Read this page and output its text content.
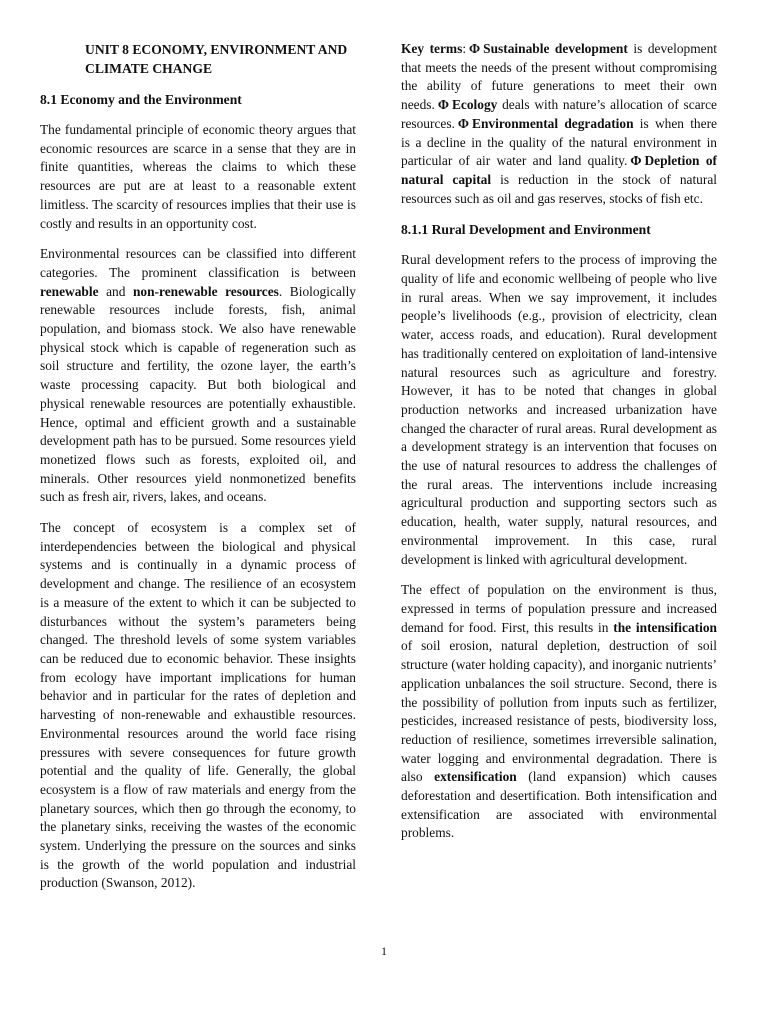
UNIT 8 ECONOMY, ENVIRONMENT AND CLIMATE CHANGE
8.1 Economy and the Environment

The fundamental principle of economic theory argues that economic resources are scarce in a sense that they are in finite quantities, whereas the claims to which these resources are put are at least to a reasonable extent limitless. The scarcity of resources implies that their use is costly and results in an opportunity cost.

Environmental resources can be classified into different categories. The prominent classification is between renewable and non-renewable resources. Biologically renewable resources include forests, fish, animal population, and biomass stock. We also have renewable physical stock which is capable of regeneration such as soil structure and fertility, the ozone layer, the earth’s waste processing capacity. But both biological and physical renewable resources are potentially exhaustible. Hence, optimal and efficient growth and a sustainable development path has to be pursued. Some resources yield monetized flows such as forests, exploited oil, and minerals. Other resources yield nonmonetized benefits such as fresh air, rivers, lakes, and oceans.

The concept of ecosystem is a complex set of interdependencies between the biological and physical systems and is continually in a dynamic process of development and change. The resilience of an ecosystem is a measure of the extent to which it can be subjected to disturbances without the system’s parameters being changed. The threshold levels of some system variables can be reduced due to economic behavior. These insights from ecology have important implications for human behavior and in particular for the rates of depletion and harvesting of non-renewable and exhaustible resources. Environmental resources around the world face rising pressures with severe consequences for future growth potential and the quality of life. Generally, the global ecosystem is a flow of raw materials and energy from the planetary sources, which then go through the economy, to the planetary sinks, receiving the wastes of the economic system. Underlying the pressure on the sources and sinks is the growth of the world population and industrial production (Swanson, 2012).

Key terms: Φ Sustainable development is development that meets the needs of the present without compromising the ability of future generations to meet their own needs. Φ Ecology deals with nature’s allocation of scarce resources. Φ Environmental degradation is when there is a decline in the quality of the natural environment in particular of air water and land quality. Φ Depletion of natural capital is reduction in the stock of natural resources such as oil and gas reserves, stocks of fish etc.

8.1.1 Rural Development and Environment

Rural development refers to the process of improving the quality of life and economic wellbeing of people who live in rural areas. When we say improvement, it includes people’s livelihoods (e.g., provision of electricity, clean water, access roads, and education). Rural development has traditionally centered on exploitation of land-intensive natural resources such as agriculture and forestry. However, it has to be noted that changes in global production networks and increased urbanization have changed the character of rural areas. Rural development as a development strategy is an intervention that focuses on the use of natural resources to address the challenges of the rural areas. The interventions include increasing agricultural production and supporting sectors such as education, health, water supply, natural resources, and environmental improvement. In this case, rural development is linked with agricultural development.

The effect of population on the environment is thus, expressed in terms of population pressure and increased demand for food. First, this results in the intensification of soil erosion, natural depletion, destruction of soil structure (water holding capacity), and inorganic nutrients’ application unbalances the soil structure. Second, there is the possibility of pollution from inputs such as fertilizer, pesticides, increased resistance of pests, biodiversity loss, reduction of resilience, sometimes irreversible salination, water logging and environmental degradation. There is also extensification (land expansion) which causes deforestation and desertification. Both intensification and extensification are associated with environmental problems.

1
